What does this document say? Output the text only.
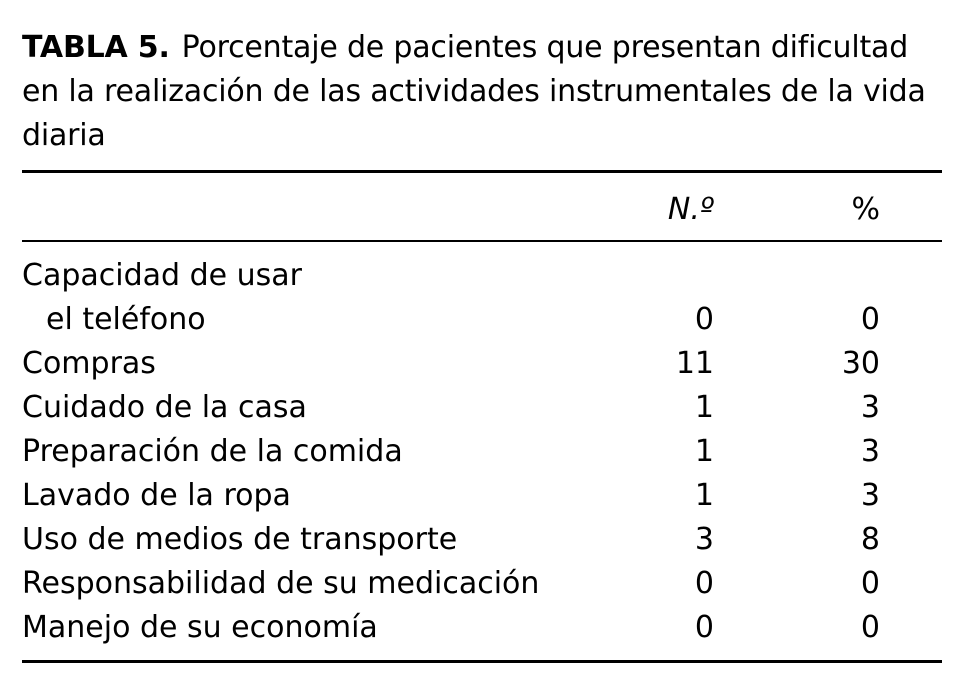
TABLA 5. Porcentaje de pacientes que presentan dificultad en la realización de las actividades instrumentales de la vida diaria
N.º	%
Capacidad de usar
el teléfono	0	0
Compras	11	30
Cuidado de la casa	1	3
Preparación de la comida	1	3
Lavado de la ropa	1	3
Uso de medios de transporte	3	8
Responsabilidad de su medicación	0	0
Manejo de su economía	0	0
